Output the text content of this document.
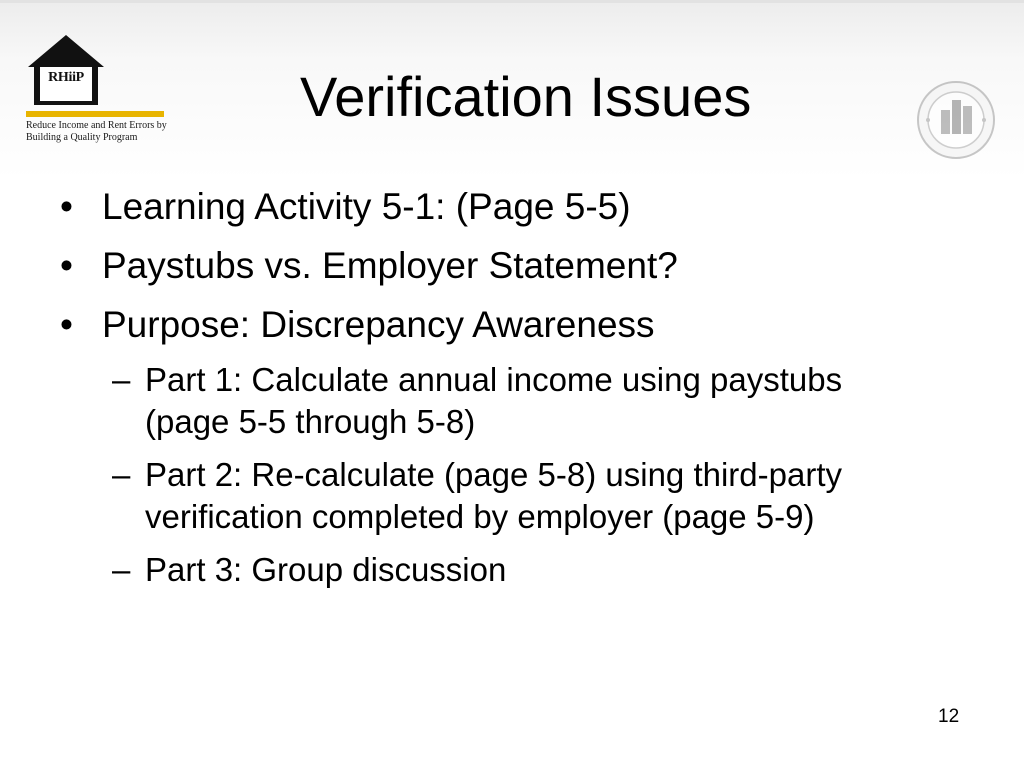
RHiiP
Reduce Income and Rent Errors by Building a Quality Program
Verification Issues
• Learning Activity 5-1: (Page 5-5)
• Paystubs vs. Employer Statement?
• Purpose: Discrepancy Awareness
– Part 1: Calculate annual income using paystubs (page 5-5 through 5-8)
– Part 2: Re-calculate (page 5-8) using third-party verification completed by employer (page 5-9)
– Part 3: Group discussion
12
